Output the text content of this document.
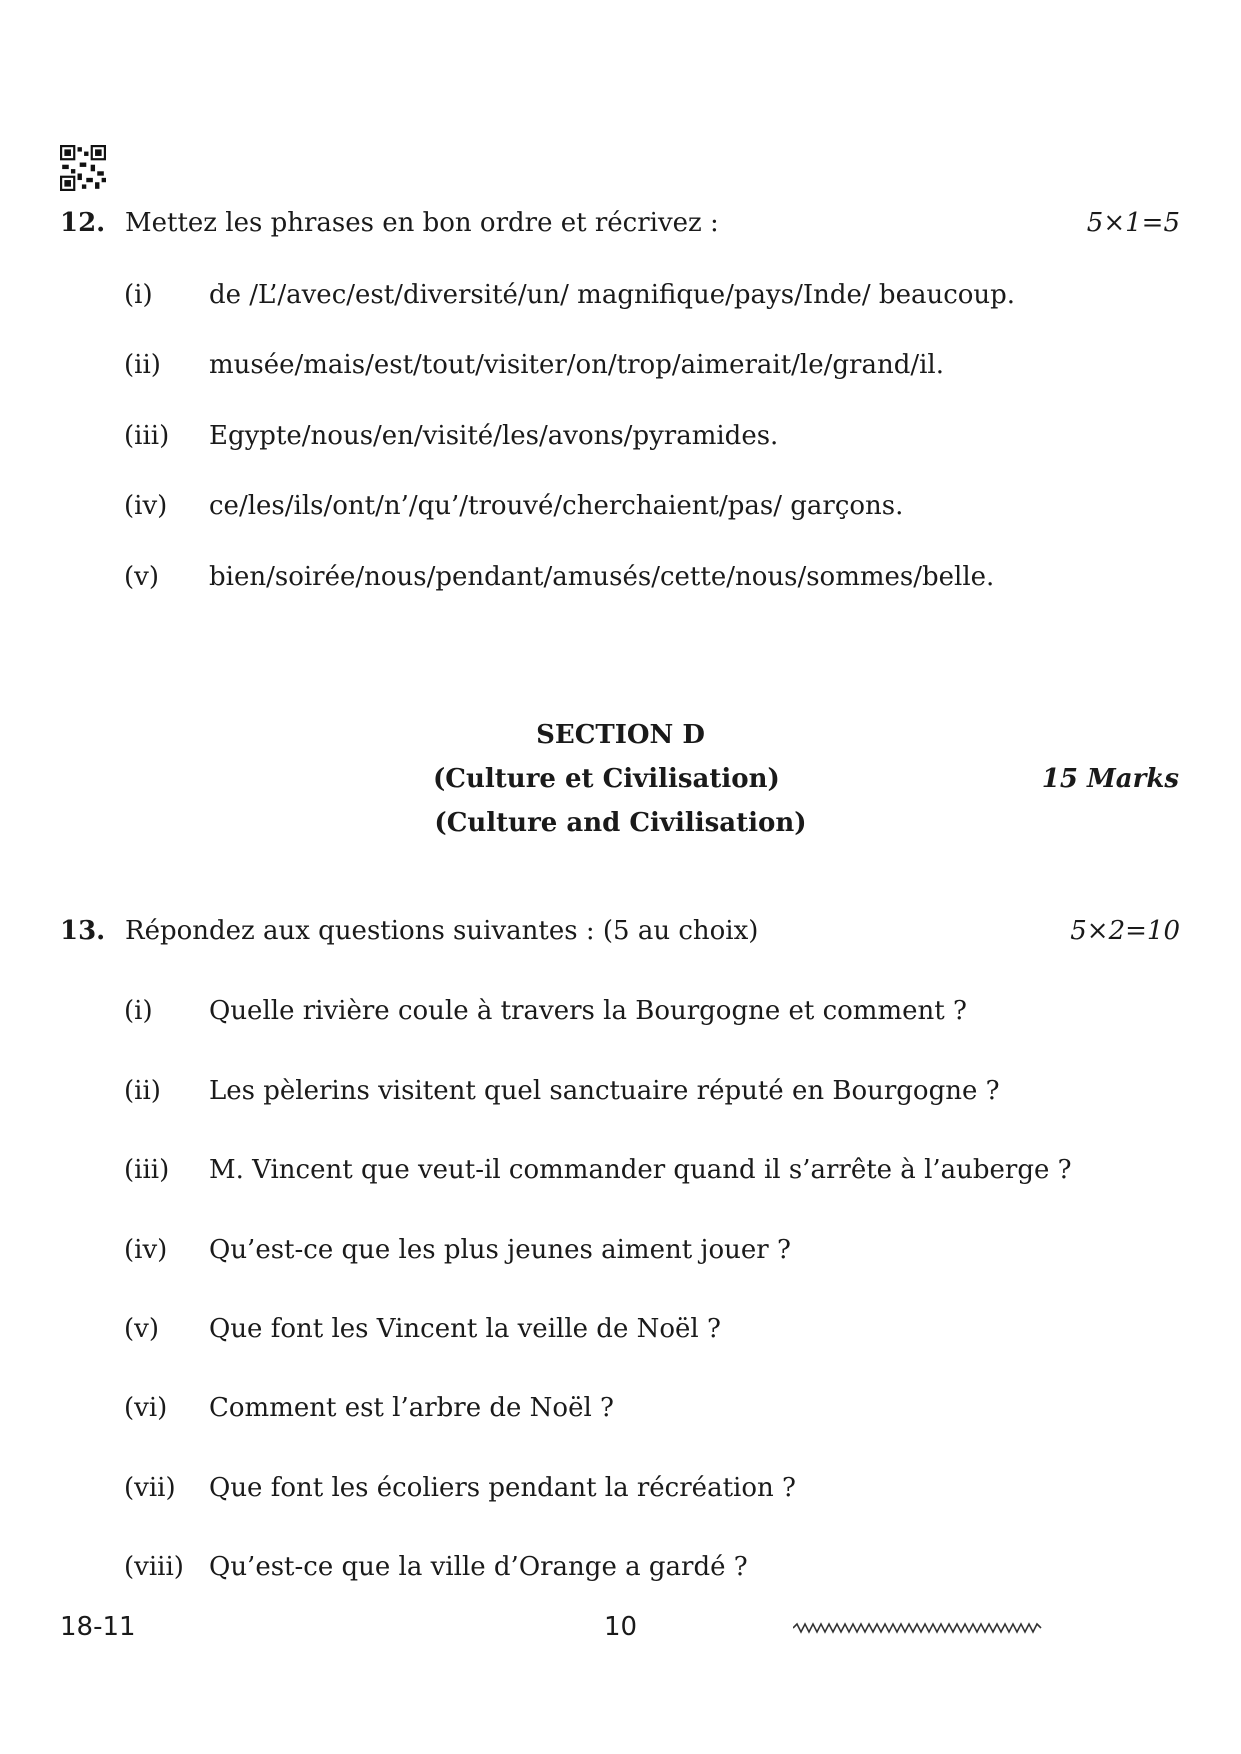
12. Mettez les phrases en bon ordre et récrivez :	5×1=5
(i) de /L’/avec/est/diversité/un/ magnifique/pays/Inde/ beaucoup.
(ii) musée/mais/est/tout/visiter/on/trop/aimerait/le/grand/il.
(iii) Egypte/nous/en/visité/les/avons/pyramides.
(iv) ce/les/ils/ont/n’/qu’/trouvé/cherchaient/pas/ garçons.
(v) bien/soirée/nous/pendant/amusés/cette/nous/sommes/belle.
SECTION D
(Culture et Civilisation)	15 Marks
(Culture and Civilisation)
13. Répondez aux questions suivantes : (5 au choix)	5×2=10
(i) Quelle rivière coule à travers la Bourgogne et comment ?
(ii) Les pèlerins visitent quel sanctuaire réputé en Bourgogne ?
(iii) M. Vincent que veut-il commander quand il s’arrête à l’auberge ?
(iv) Qu’est-ce que les plus jeunes aiment jouer ?
(v) Que font les Vincent la veille de Noël ?
(vi) Comment est l’arbre de Noël ?
(vii) Que font les écoliers pendant la récréation ?
(viii) Qu’est-ce que la ville d’Orange a gardé ?
18-11	10
